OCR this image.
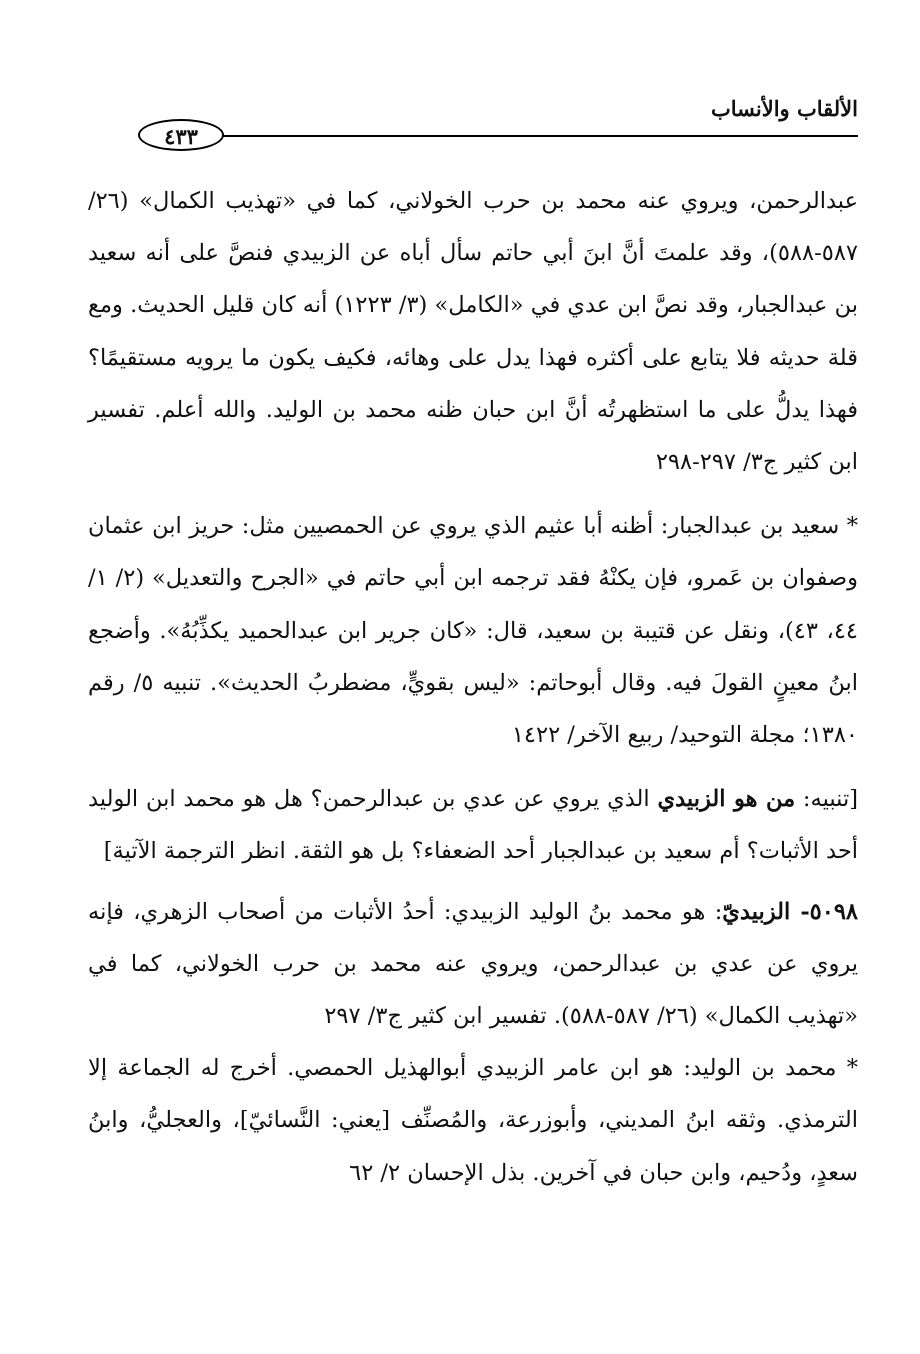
الألقاب والأنساب
٤٣٣

عبدالرحمن، ويروي عنه محمد بن حرب الخولاني، كما في «تهذيب الكمال» (٢٦/ ٥٨٧-٥٨٨)، وقد علمتَ أنَّ ابنَ أبي حاتم سأل أباه عن الزبيدي فنصَّ على أنه سعيد بن عبدالجبار، وقد نصَّ ابن عدي في «الكامل» (٣/ ١٢٢٣) أنه كان قليل الحديث. ومع قلة حديثه فلا يتابع على أكثره فهذا يدل على وهائه، فكيف يكون ما يرويه مستقيمًا؟ فهذا يدلُّ على ما استظهرتُه أنَّ ابن حبان ظنه محمد بن الوليد. والله أعلم. تفسير ابن كثير ج٣/ ٢٩٧-٢٩٨

* سعيد بن عبدالجبار: أظنه أبا عثيم الذي يروي عن الحمصيين مثل: حريز ابن عثمان وصفوان بن عَمرو، فإن يكنْهُ فقد ترجمه ابن أبي حاتم في «الجرح والتعديل» (٢/ ١/ ٤٤، ٤٣)، ونقل عن قتيبة بن سعيد، قال: «كان جرير ابن عبدالحميد يكذِّبُهُ». وأضجع ابنُ معينٍ القولَ فيه. وقال أبوحاتم: «ليس بقويٍّ، مضطربُ الحديث». تنبيه ٥/ رقم ١٣٨٠؛ مجلة التوحيد/ ربيع الآخر/ ١٤٢٢

[تنبيه: من هو الزبيدي الذي يروي عن عدي بن عبدالرحمن؟ هل هو محمد ابن الوليد أحد الأثبات؟ أم سعيد بن عبدالجبار أحد الضعفاء؟ بل هو الثقة. انظر الترجمة الآتية]

٥٠٩٨- الزبيديّ: هو محمد بنُ الوليد الزبيدي: أحدُ الأثبات من أصحاب الزهري، فإنه يروي عن عدي بن عبدالرحمن، ويروي عنه محمد بن حرب الخولاني، كما في «تهذيب الكمال» (٢٦/ ٥٨٧-٥٨٨). تفسير ابن كثير ج٣/ ٢٩٧

* محمد بن الوليد: هو ابن عامر الزبيدي أبوالهذيل الحمصي. أخرج له الجماعة إلا الترمذي. وثقه ابنُ المديني، وأبوزرعة، والمُصنِّف [يعني: النَّسائيّ]، والعجليُّ، وابنُ سعدٍ، ودُحيم، وابن حبان في آخرين. بذل الإحسان ٢/ ٦٢
